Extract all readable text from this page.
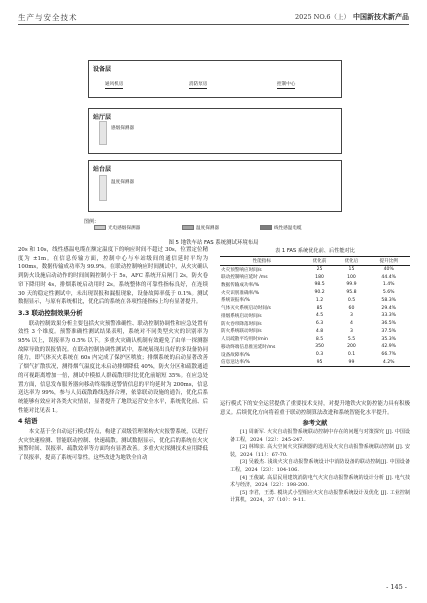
生产与安全技术	2025 NO.6（上） 中国新技术新产品
设备层
通风机房	消防泵房	控制中心
站厅层
感烟探测器
站台层
温度探测器
图例：
光电感烟探测器	温度探测器	线性感温电缆
图 5 地铁车站 FAS 系统测试环境布局

20s 和 10s，线性感温电缆在额定温度下的响应时间不超过 30s，位置定位精度为 ±1m。在信息传输方面，控制中心与车站级间的通信延时平均为 100ms，数据传输成功率为 99.9%。在联动控制响应时间测试中，从火灾确认到防火设施启动动作的时间间隔控制小于 5s，AFC 系统开启闸门 2s，防火卷帘下降用时 4s，排烟系统启动用时 2s。系统整体的可靠性指标良好，在连续 30 天的稳定性测试中，未出现误报和漏报现象，设备故障率低于 0.1%。测试数据显示，与原有系统相比，优化后的系统在各项性能指标上均有显著提升。

3.3 联动控制效果分析

联动控制效果分析主要包括火灾预警准确性、联动控制协调性和应急处置有效性 3 个维度。预警准确性测试结果表明，系统对不同类型火灾的识别率为 95% 以上，误报率为 0.5% 以下。多重火灾确认机制有效避免了由单一探测器故障导致的误报情况。在联动控制协调性测试中，系统展现出良好的多设备协同能力，即气体灭火系统在 60s 内完成了保护区喷放；排烟系统的启动显著改善了烟气扩散状况，测得烟气温度比未启动排烟降低 40%，防火分区和疏散通道的可视距离增加一倍，测试中模拟人群疏散用时比优化前缩短 35%。在应急处置方面，信息发布服务器向移动终端推送警情信息的平均延时为 200ms，信息送达率为 99%，参与人员疏散路线选择合理，依靠联动设施的通告，优化后系统能够有效应对各类火灾情景，显著提升了地铁运营安全水平，系统优化前、后性能对比见表 1。

4 结语

本文基于全自动运行模式特点，构建了双级管理架构火灾报警系统，以进行火灾快速检测、智能联动控制、快速疏散。测试数据显示，优化后的系统在火灾预警时间、误报率、疏散效率等方面均有显著改善。多重火灾探测技术应用降低了误报率，提高了系统可靠性。这些改进为地铁全自动

表 1 FAS 系统优化前、后性能对比
性能指标	优化前	优化后	提升比例
火灾预警响应时间/s	25	15	40%
联动控制响应延时 /ms	180	100	44.4%
数据传输成功率/%	98.5	99.9	1.4%
火灾识别准确率/%	90.2	95.8	5.6%
系统误报率/%	1.2	0.5	58.3%
气体灭火系统启动时间/s	85	60	29.4%
排烟系统启动时间/s	4.5	3	33.3%
防火卷帘降落时间/s	6.3	4	36.5%
防火系统联动时间/s	4.8	3	37.5%
人员疏散平均用时/min	8.5	5.5	35.3%
移动终端信息推送延时/ms	350	200	42.9%
设备故障率/%	0.3	0.1	66.7%
信息送达率/%	95	99	4.2%

运行模式下的安全运营提供了重要技术支持，对提升地铁火灾防控能力具有积极意义。后续优化方向将着重于联动控制算法改进和系统智能化水平提升。

参考文献

[1] 周新军. 火灾自动报警系统联动控制中存在的问题与对策探究 [J]. 中国设备工程，2024（22）：245-247.

[2] 林锦亲. 高大空间火灾探测器的选用及火灾自动报警系统联动控制 [J]. 安装，2024（11）：67-70.

[3] 吴毅杰. 浅谈火灾自动报警系统设计中消防设备的联动控制[J]. 中国设备工程，2024（23）：104-106.

[4] 王俊斌. 高层民用建筑消防电气火灾自动报警系统的设计分析 [J]. 电气技术与经济，2024（22）：198-200.

[5] 李君，王勇. 模块式小型相应火灾自动报警系统设计及优化 [J]. 工业控制计算机，2024，37（10）：9-11.

- 145 -
